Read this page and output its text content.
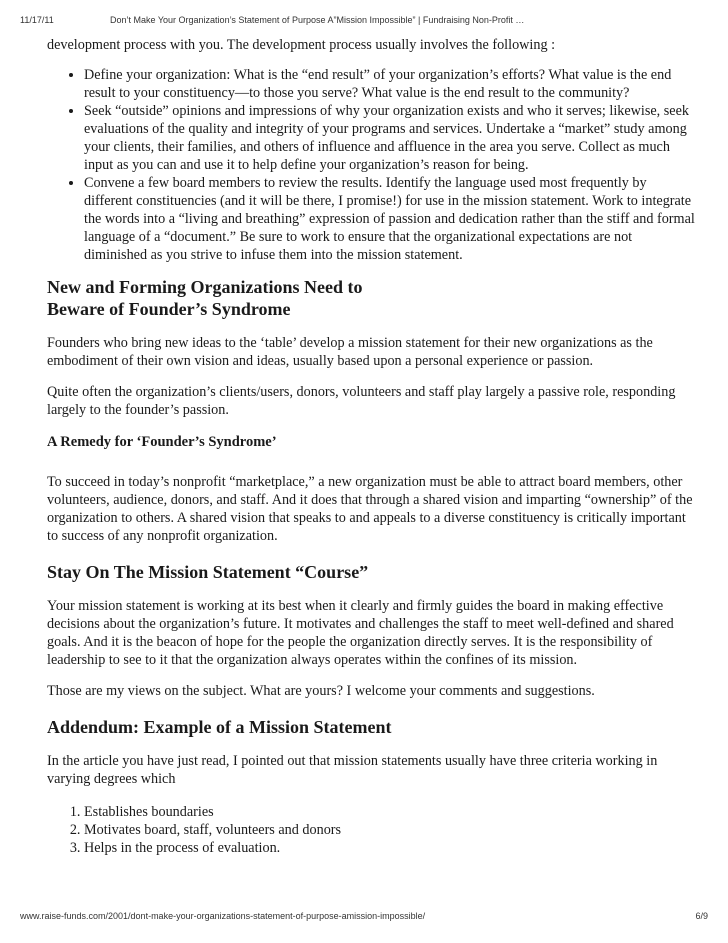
11/17/11	Don’t Make Your Organization’s Statement of Purpose A”Mission Impossible” | Fundraising Non-Profit …

development process with you. The development process usually involves the following :

• Define your organization: What is the “end result” of your organization’s efforts? What value is the end result to your constituency—to those you serve? What value is the end result to the community?
• Seek “outside” opinions and impressions of why your organization exists and who it serves; likewise, seek evaluations of the quality and integrity of your programs and services. Undertake a “market” study among your clients, their families, and others of influence and affluence in the area you serve. Collect as much input as you can and use it to help define your organization’s reason for being.
• Convene a few board members to review the results. Identify the language used most frequently by different constituencies (and it will be there, I promise!) for use in the mission statement. Work to integrate the words into a “living and breathing” expression of passion and dedication rather than the stiff and formal language of a “document.” Be sure to work to ensure that the organizational expectations are not diminished as you strive to infuse them into the mission statement.
New and Forming Organizations Need to
Beware of Founder’s Syndrome

Founders who bring new ideas to the ‘table’ develop a mission statement for their new organizations as the embodiment of their own vision and ideas, usually based upon a personal experience or passion.

Quite often the organization’s clients/users, donors, volunteers and staff play largely a passive role, responding largely to the founder’s passion.

A Remedy for ‘Founder’s Syndrome’

To succeed in today’s nonprofit “marketplace,” a new organization must be able to attract board members, other volunteers, audience, donors, and staff. And it does that through a shared vision and imparting “ownership” of the organization to others. A shared vision that speaks to and appeals to a diverse constituency is critically important to success of any nonprofit organization.

Stay On The Mission Statement “Course”

Your mission statement is working at its best when it clearly and firmly guides the board in making effective decisions about the organization’s future. It motivates and challenges the staff to meet well-defined and shared goals. And it is the beacon of hope for the people the organization directly serves. It is the responsibility of leadership to see to it that the organization always operates within the confines of its mission.

Those are my views on the subject. What are yours? I welcome your comments and suggestions.

Addendum: Example of a Mission Statement

In the article you have just read, I pointed out that mission statements usually have three criteria working in varying degrees which

1. Establishes boundaries
2. Motivates board, staff, volunteers and donors
3. Helps in the process of evaluation.
www.raise-funds.com/2001/dont-make-your-organizations-statement-of-purpose-amission-impossible/	6/9
